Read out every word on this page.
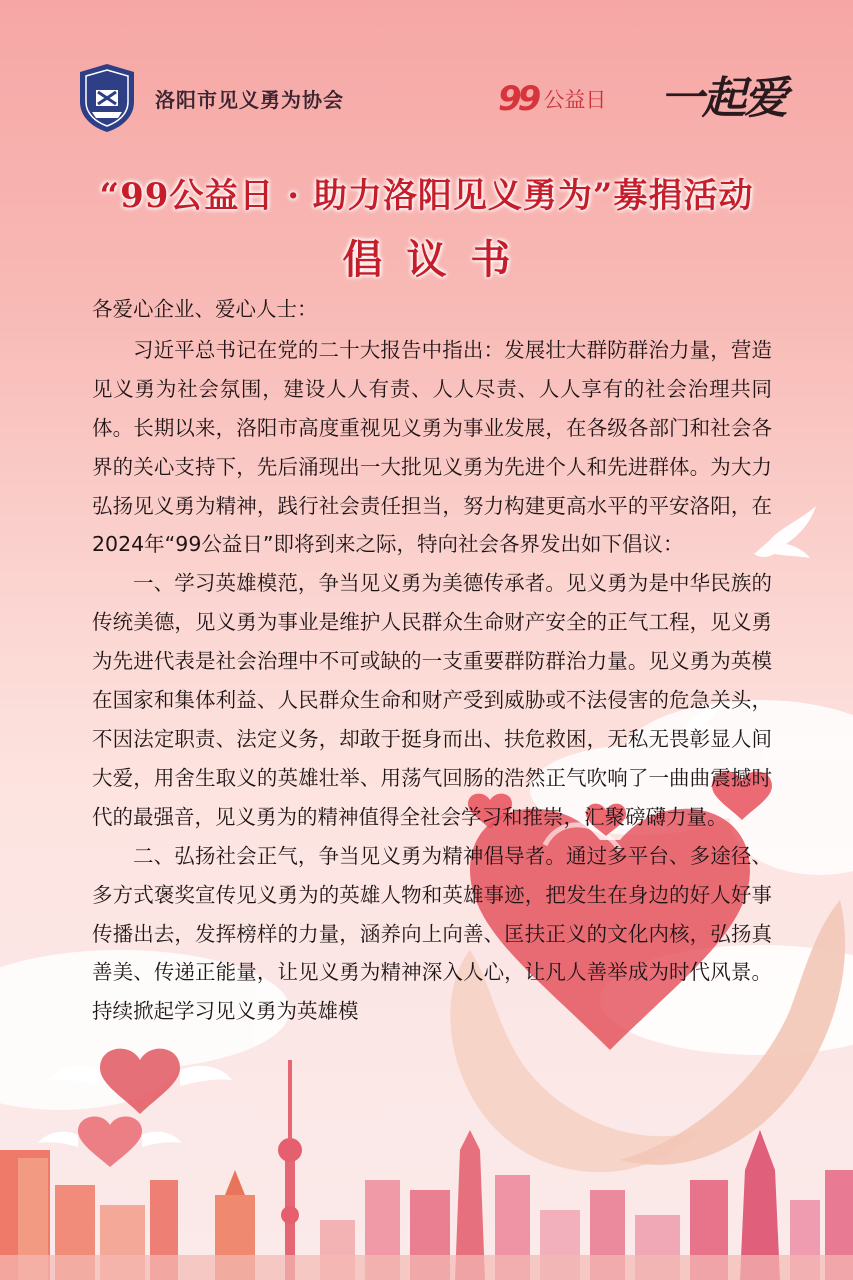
洛阳市见义勇为协会	99 公益日 一起爱
“99公益日 · 助力洛阳见义勇为”募捐活动
倡议书

各爱心企业、爱心人士：

习近平总书记在党的二十大报告中指出：发展壮大群防群治力量，营造见义勇为社会氛围，建设人人有责、人人尽责、人人享有的社会治理共同体。长期以来，洛阳市高度重视见义勇为事业发展，在各级各部门和社会各界的关心支持下，先后涌现出一大批见义勇为先进个人和先进群体。为大力弘扬见义勇为精神，践行社会责任担当，努力构建更高水平的平安洛阳，在2024年“99公益日”即将到来之际，特向社会各界发出如下倡议：

一、学习英雄模范，争当见义勇为美德传承者。见义勇为是中华民族的传统美德，见义勇为事业是维护人民群众生命财产安全的正气工程，见义勇为先进代表是社会治理中不可或缺的一支重要群防群治力量。见义勇为英模在国家和集体利益、人民群众生命和财产受到威胁或不法侵害的危急关头，不因法定职责、法定义务，却敢于挺身而出、扶危救困，无私无畏彰显人间大爱，用舍生取义的英雄壮举、用荡气回肠的浩然正气吹响了一曲曲震撼时代的最强音，见义勇为的精神值得全社会学习和推崇，汇聚磅礴力量。

二、弘扬社会正气，争当见义勇为精神倡导者。通过多平台、多途径、多方式褒奖宣传见义勇为的英雄人物和英雄事迹，把发生在身边的好人好事传播出去，发挥榜样的力量，涵养向上向善、匡扶正义的文化内核，弘扬真善美、传递正能量，让见义勇为精神深入人心，让凡人善举成为时代风景。持续掀起学习见义勇为英雄模
